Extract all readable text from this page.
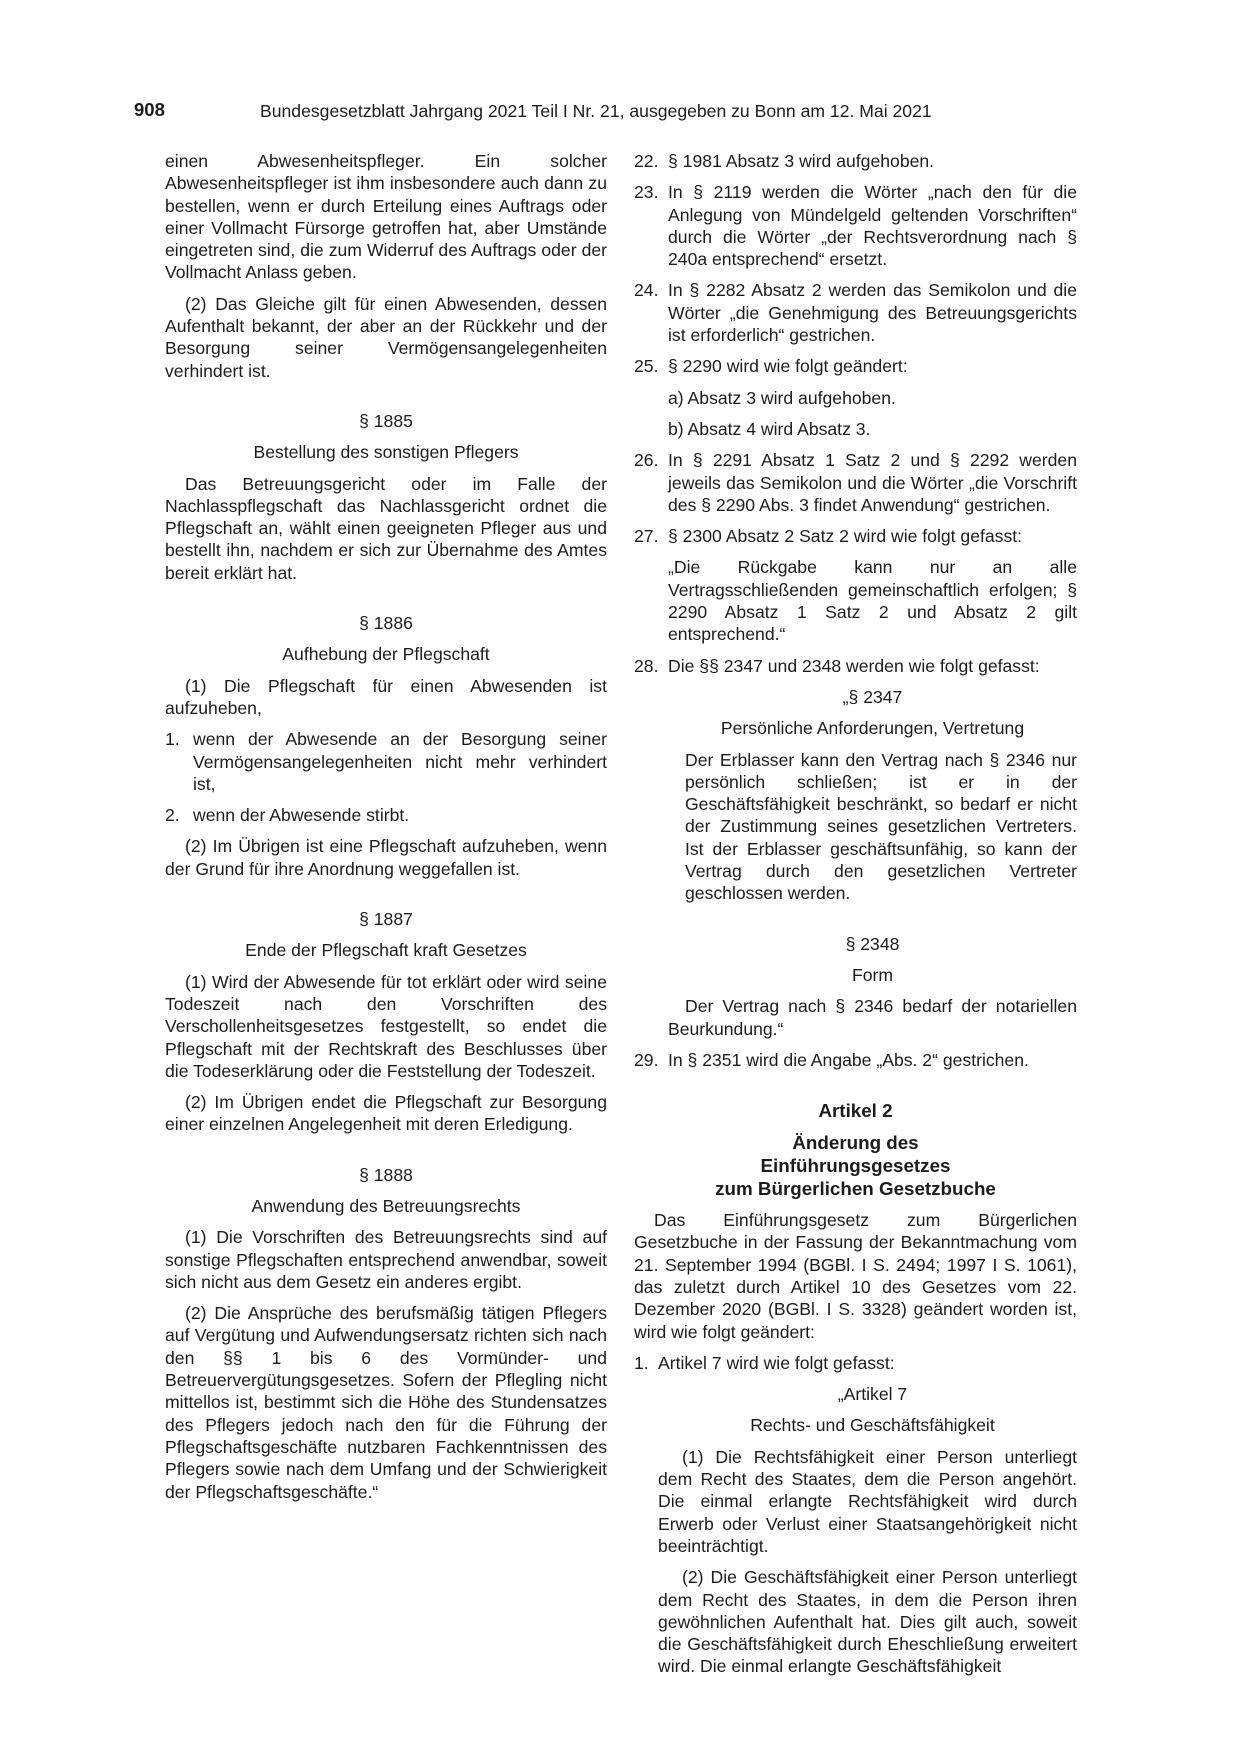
908	Bundesgesetzblatt Jahrgang 2021 Teil I Nr. 21, ausgegeben zu Bonn am 12. Mai 2021

einen Abwesenheitspfleger. Ein solcher Abwesenheitspfleger ist ihm insbesondere auch dann zu bestellen, wenn er durch Erteilung eines Auftrags oder einer Vollmacht Fürsorge getroffen hat, aber Umstände eingetreten sind, die zum Widerruf des Auftrags oder der Vollmacht Anlass geben.

(2) Das Gleiche gilt für einen Abwesenden, dessen Aufenthalt bekannt, der aber an der Rückkehr und der Besorgung seiner Vermögensangelegenheiten verhindert ist.

§ 1885

Bestellung des sonstigen Pflegers

Das Betreuungsgericht oder im Falle der Nachlasspflegschaft das Nachlassgericht ordnet die Pflegschaft an, wählt einen geeigneten Pfleger aus und bestellt ihn, nachdem er sich zur Übernahme des Amtes bereit erklärt hat.

§ 1886

Aufhebung der Pflegschaft

(1) Die Pflegschaft für einen Abwesenden ist aufzuheben,

1. wenn der Abwesende an der Besorgung seiner Vermögensangelegenheiten nicht mehr verhindert ist,
2. wenn der Abwesende stirbt.

(2) Im Übrigen ist eine Pflegschaft aufzuheben, wenn der Grund für ihre Anordnung weggefallen ist.

§ 1887

Ende der Pflegschaft kraft Gesetzes

(1) Wird der Abwesende für tot erklärt oder wird seine Todeszeit nach den Vorschriften des Verschollenheitsgesetzes festgestellt, so endet die Pflegschaft mit der Rechtskraft des Beschlusses über die Todeserklärung oder die Feststellung der Todeszeit.

(2) Im Übrigen endet die Pflegschaft zur Besorgung einer einzelnen Angelegenheit mit deren Erledigung.

§ 1888

Anwendung des Betreuungsrechts

(1) Die Vorschriften des Betreuungsrechts sind auf sonstige Pflegschaften entsprechend anwendbar, soweit sich nicht aus dem Gesetz ein anderes ergibt.

(2) Die Ansprüche des berufsmäßig tätigen Pflegers auf Vergütung und Aufwendungsersatz richten sich nach den §§ 1 bis 6 des Vormünder- und Betreuervergütungsgesetzes. Sofern der Pflegling nicht mittellos ist, bestimmt sich die Höhe des Stundensatzes des Pflegers jedoch nach den für die Führung der Pflegschaftsgeschäfte nutzbaren Fachkenntnissen des Pflegers sowie nach dem Umfang und der Schwierigkeit der Pflegschaftsgeschäfte.“

22. § 1981 Absatz 3 wird aufgehoben.
23. In § 2119 werden die Wörter „nach den für die Anlegung von Mündelgeld geltenden Vorschriften“ durch die Wörter „der Rechtsverordnung nach § 240a entsprechend“ ersetzt.
24. In § 2282 Absatz 2 werden das Semikolon und die Wörter „die Genehmigung des Betreuungsgerichts ist erforderlich“ gestrichen.
25. § 2290 wird wie folgt geändert:

a) Absatz 3 wird aufgehoben.

b) Absatz 4 wird Absatz 3.

26. In § 2291 Absatz 1 Satz 2 und § 2292 werden jeweils das Semikolon und die Wörter „die Vorschrift des § 2290 Abs. 3 findet Anwendung“ gestrichen.
27. § 2300 Absatz 2 Satz 2 wird wie folgt gefasst:

„Die Rückgabe kann nur an alle Vertragsschließenden gemeinschaftlich erfolgen; § 2290 Absatz 1 Satz 2 und Absatz 2 gilt entsprechend.“

28. Die §§ 2347 und 2348 werden wie folgt gefasst:

„§ 2347

Persönliche Anforderungen, Vertretung

Der Erblasser kann den Vertrag nach § 2346 nur persönlich schließen; ist er in der Geschäftsfähigkeit beschränkt, so bedarf er nicht der Zustimmung seines gesetzlichen Vertreters. Ist der Erblasser geschäftsunfähig, so kann der Vertrag durch den gesetzlichen Vertreter geschlossen werden.

§ 2348

Form

Der Vertrag nach § 2346 bedarf der notariellen Beurkundung.“

29. In § 2351 wird die Angabe „Abs. 2“ gestrichen.

Artikel 2

Änderung des

Einführungsgesetzes

zum Bürgerlichen Gesetzbuche

Das Einführungsgesetz zum Bürgerlichen Gesetzbuche in der Fassung der Bekanntmachung vom 21. September 1994 (BGBl. I S. 2494; 1997 I S. 1061), das zuletzt durch Artikel 10 des Gesetzes vom 22. Dezember 2020 (BGBl. I S. 3328) geändert worden ist, wird wie folgt geändert:

1. Artikel 7 wird wie folgt gefasst:

„Artikel 7

Rechts- und Geschäftsfähigkeit

(1) Die Rechtsfähigkeit einer Person unterliegt dem Recht des Staates, dem die Person angehört. Die einmal erlangte Rechtsfähigkeit wird durch Erwerb oder Verlust einer Staatsangehörigkeit nicht beeinträchtigt.

(2) Die Geschäftsfähigkeit einer Person unterliegt dem Recht des Staates, in dem die Person ihren gewöhnlichen Aufenthalt hat. Dies gilt auch, soweit die Geschäftsfähigkeit durch Eheschließung erweitert wird. Die einmal erlangte Geschäftsfähigkeit
